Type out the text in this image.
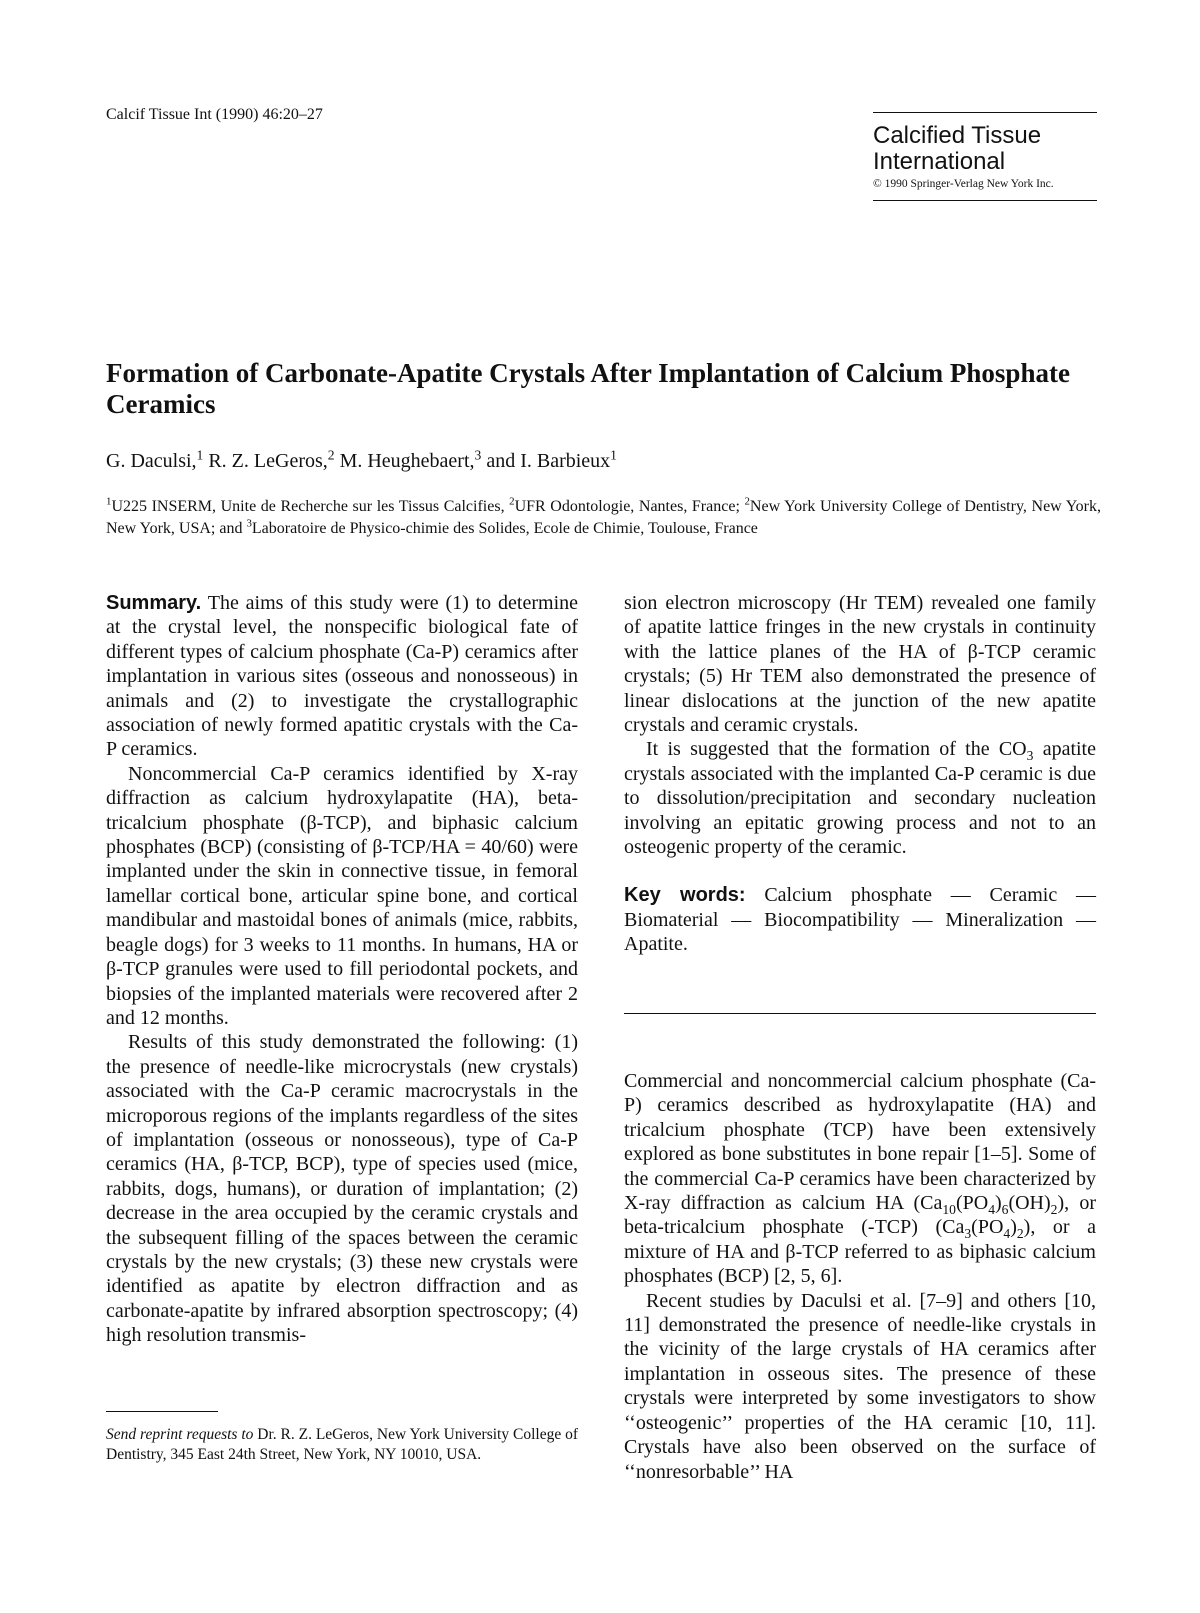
Calcif Tissue Int (1990) 46:20–27
Calcified Tissue
International
© 1990 Springer-Verlag New York Inc.
Formation of Carbonate-Apatite Crystals After Implantation of Calcium Phosphate Ceramics
G. Daculsi,$^1$ R. Z. LeGeros,$^2$ M. Heughebaert,$^3$ and I. Barbieux$^1$
$^1$U225 INSERM, Unite de Recherche sur les Tissus Calcifies, $^2$UFR Odontologie, Nantes, France; $^2$New York University College of Dentistry, New York, New York, USA; and $^3$Laboratoire de Physico-chimie des Solides, Ecole de Chimie, Toulouse, France

Summary. The aims of this study were (1) to determine at the crystal level, the nonspecific biological fate of different types of calcium phosphate (Ca-P) ceramics after implantation in various sites (osseous and nonosseous) in animals and (2) to investigate the crystallographic association of newly formed apatitic crystals with the Ca-P ceramics.

Noncommercial Ca-P ceramics identified by X-ray diffraction as calcium hydroxylapatite (HA), beta-tricalcium phosphate (β-TCP), and biphasic calcium phosphates (BCP) (consisting of β-TCP/HA = 40/60) were implanted under the skin in connective tissue, in femoral lamellar cortical bone, articular spine bone, and cortical mandibular and mastoidal bones of animals (mice, rabbits, beagle dogs) for 3 weeks to 11 months. In humans, HA or β-TCP granules were used to fill periodontal pockets, and biopsies of the implanted materials were recovered after 2 and 12 months.

Results of this study demonstrated the following: (1) the presence of needle-like microcrystals (new crystals) associated with the Ca-P ceramic macrocrystals in the microporous regions of the implants regardless of the sites of implantation (osseous or nonosseous), type of Ca-P ceramics (HA, β-TCP, BCP), type of species used (mice, rabbits, dogs, humans), or duration of implantation; (2) decrease in the area occupied by the ceramic crystals and the subsequent filling of the spaces between the ceramic crystals by the new crystals; (3) these new crystals were identified as apatite by electron diffraction and as carbonate-apatite by infrared absorption spectroscopy; (4) high resolution transmis-

sion electron microscopy (Hr TEM) revealed one family of apatite lattice fringes in the new crystals in continuity with the lattice planes of the HA of β-TCP ceramic crystals; (5) Hr TEM also demonstrated the presence of linear dislocations at the junction of the new apatite crystals and ceramic crystals.

It is suggested that the formation of the $CO_3$ apatite crystals associated with the implanted Ca-P ceramic is due to dissolution/precipitation and secondary nucleation involving an epitatic growing process and not to an osteogenic property of the ceramic.

Key words: Calcium phosphate — Ceramic — Biomaterial — Biocompatibility — Mineralization — Apatite.

Commercial and noncommercial calcium phosphate (Ca-P) ceramics described as hydroxylapatite (HA) and tricalcium phosphate (TCP) have been extensively explored as bone substitutes in bone repair [1–5]. Some of the commercial Ca-P ceramics have been characterized by X-ray diffraction as calcium HA $(Ca_{10}(PO_4)_6(OH)_2)$, or beta-tricalcium phosphate (-TCP) $(Ca_3(PO_4)_2)$, or a mixture of HA and β-TCP referred to as biphasic calcium phosphates (BCP) [2, 5, 6].

Recent studies by Daculsi et al. [7–9] and others [10, 11] demonstrated the presence of needle-like crystals in the vicinity of the large crystals of HA ceramics after implantation in osseous sites. The presence of these crystals were interpreted by some investigators to show ‘‘osteogenic’’ properties of the HA ceramic [10, 11]. Crystals have also been observed on the surface of ‘‘nonresorbable’’ HA

Send reprint requests to Dr. R. Z. LeGeros, New York University College of Dentistry, 345 East 24th Street, New York, NY 10010, USA.
